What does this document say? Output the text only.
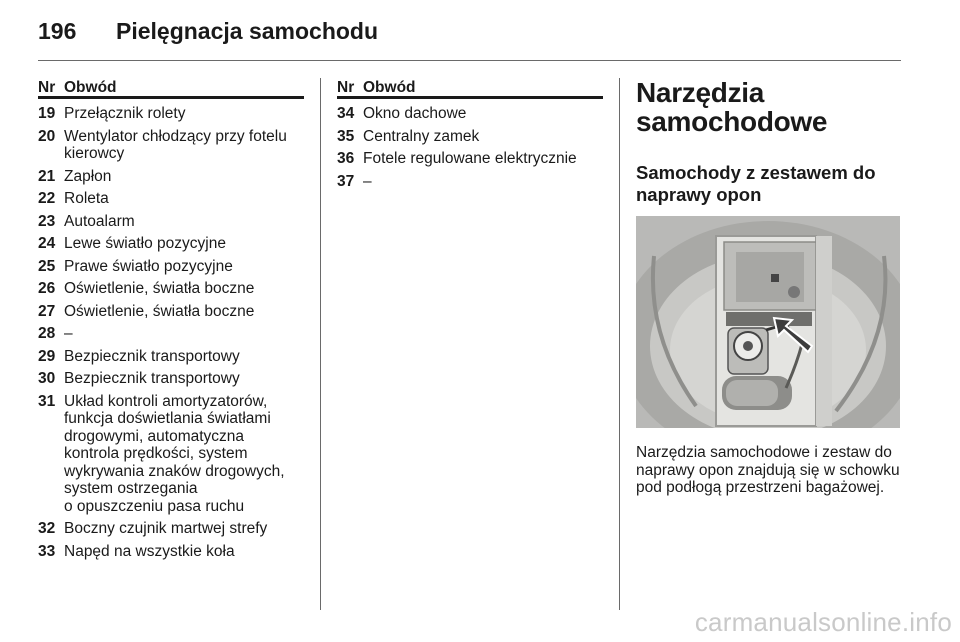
196	Pielęgnacja samochodu
Nr Obwód
19 Przełącznik rolety
20 Wentylator chłodzący przy fotelu
kierowcy
21 Zapłon
22 Roleta
23 Autoalarm
24 Lewe światło pozycyjne
25 Prawe światło pozycyjne
26 Oświetlenie, światła boczne
27 Oświetlenie, światła boczne
28 –
29 Bezpiecznik transportowy
30 Bezpiecznik transportowy
31 Układ kontroli amortyzatorów,
funkcja doświetlania światłami
drogowymi, automatyczna
kontrola prędkości, system
wykrywania znaków drogowych,
system ostrzegania
o opuszczeniu pasa ruchu
32 Boczny czujnik martwej strefy
33 Napęd na wszystkie koła
Nr Obwód
34 Okno dachowe
35 Centralny zamek
36 Fotele regulowane elektrycznie
37 –
Narzędzia
samochodowe
Samochody z zestawem do
naprawy opon
Narzędzia samochodowe i zestaw do naprawy opon znajdują się w schowku pod podłogą przestrzeni bagażowej.
carmanualsonline.info
